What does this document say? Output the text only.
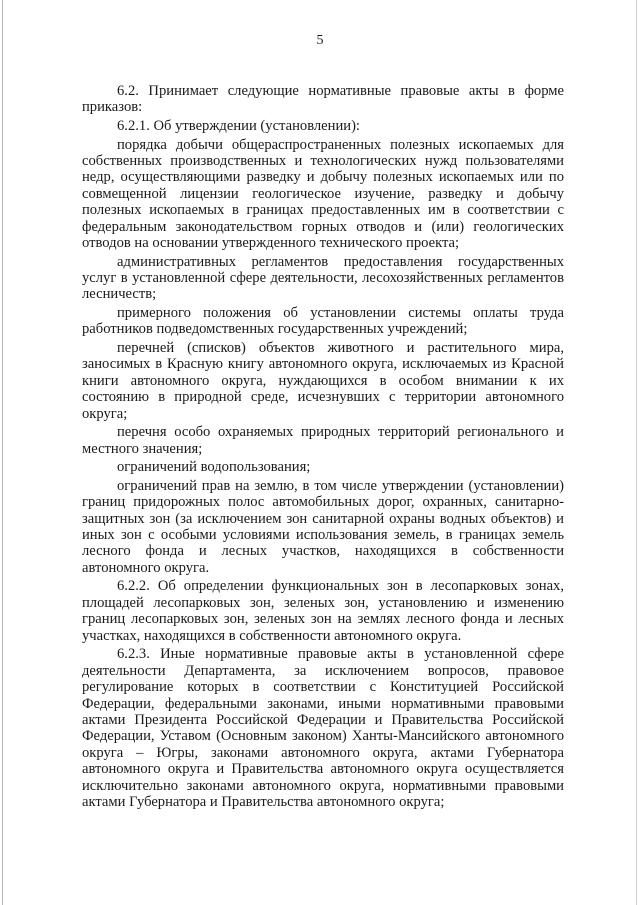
5

6.2. Принимает следующие нормативные правовые акты в форме приказов:

6.2.1. Об утверждении (установлении):

порядка добычи общераспространенных полезных ископаемых для собственных производственных и технологических нужд пользователями недр, осуществляющими разведку и добычу полезных ископаемых или по совмещенной лицензии геологическое изучение, разведку и добычу полезных ископаемых в границах предоставленных им в соответствии с федеральным законодательством горных отводов и (или) геологических отводов на основании утвержденного технического проекта;

административных регламентов предоставления государственных услуг в установленной сфере деятельности, лесохозяйственных регламентов лесничеств;

примерного положения об установлении системы оплаты труда работников подведомственных государственных учреждений;

перечней (списков) объектов животного и растительного мира, заносимых в Красную книгу автономного округа, исключаемых из Красной книги автономного округа, нуждающихся в особом внимании к их состоянию в природной среде, исчезнувших с территории автономного округа;

перечня особо охраняемых природных территорий регионального и местного значения;

ограничений водопользования;

ограничений прав на землю, в том числе утверждении (установлении) границ придорожных полос автомобильных дорог, охранных, санитарно-защитных зон (за исключением зон санитарной охраны водных объектов) и иных зон с особыми условиями использования земель, в границах земель лесного фонда и лесных участков, находящихся в собственности автономного округа.

6.2.2. Об определении функциональных зон в лесопарковых зонах, площадей лесопарковых зон, зеленых зон, установлению и изменению границ лесопарковых зон, зеленых зон на землях лесного фонда и лесных участках, находящихся в собственности автономного округа.

6.2.3. Иные нормативные правовые акты в установленной сфере деятельности Департамента, за исключением вопросов, правовое регулирование которых в соответствии с Конституцией Российской Федерации, федеральными законами, иными нормативными правовыми актами Президента Российской Федерации и Правительства Российской Федерации, Уставом (Основным законом) Ханты-Мансийского автономного округа – Югры, законами автономного округа, актами Губернатора автономного округа и Правительства автономного округа осуществляется исключительно законами автономного округа, нормативными правовыми актами Губернатора и Правительства автономного округа;
